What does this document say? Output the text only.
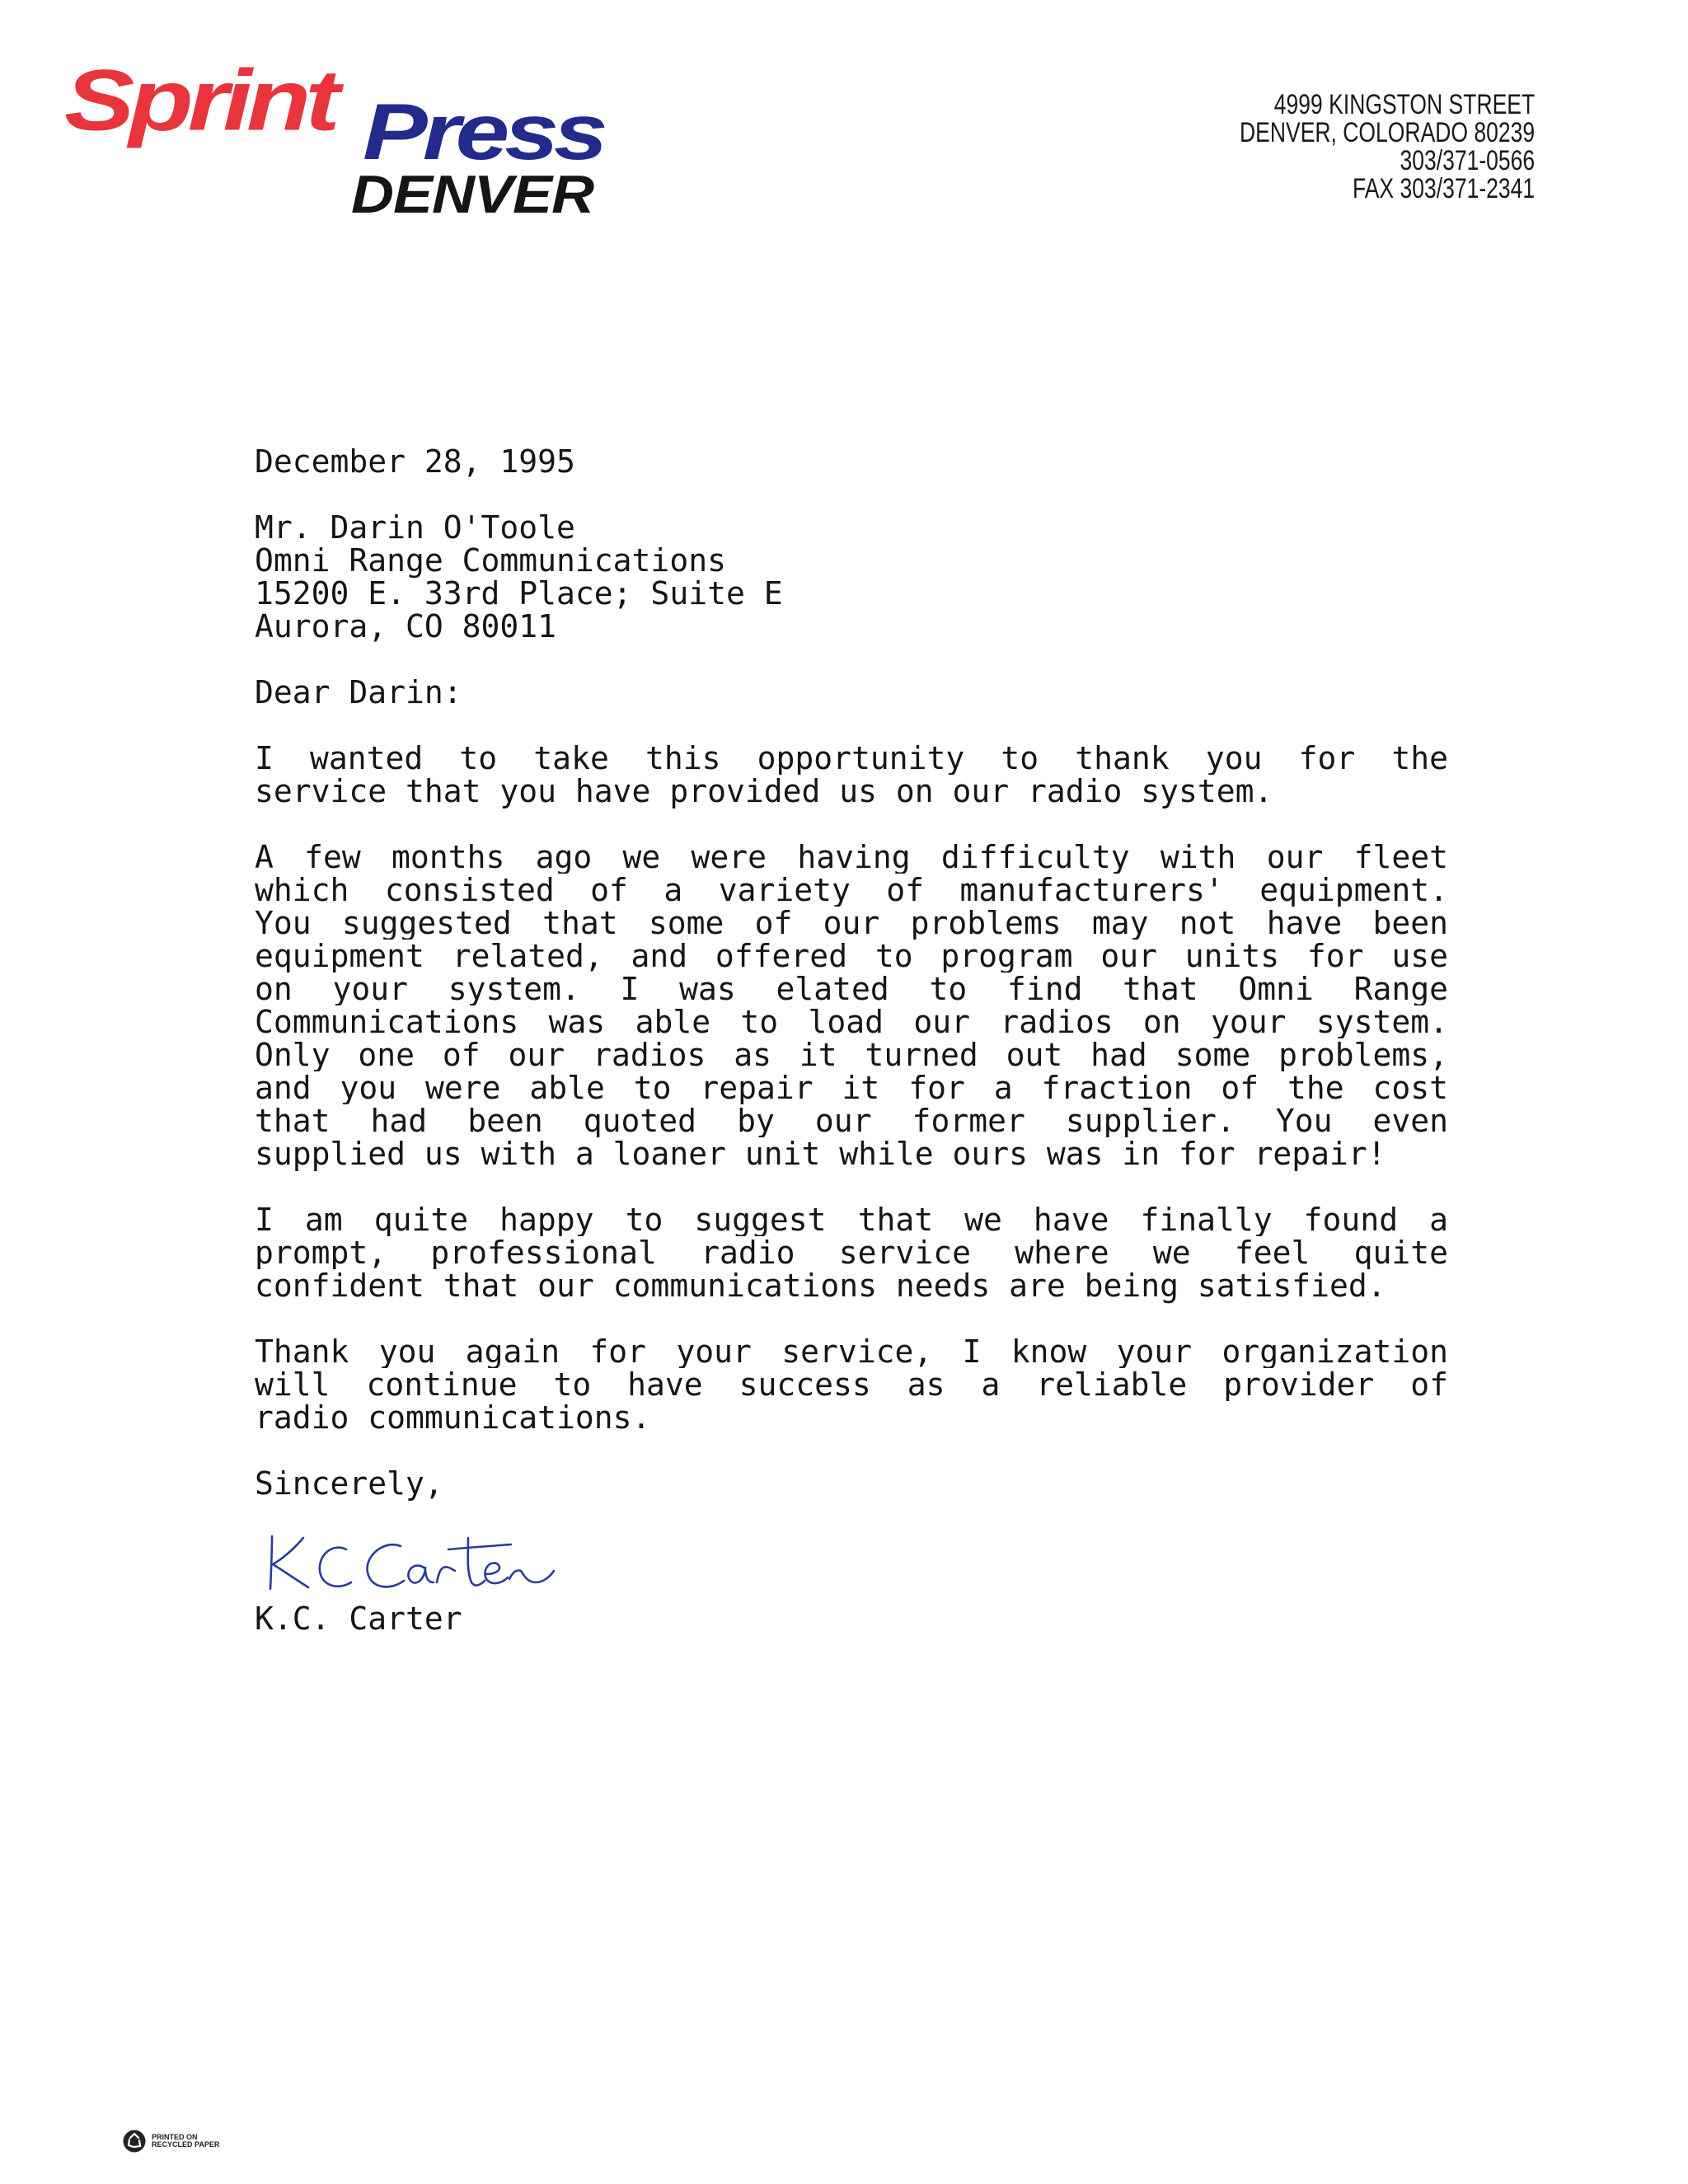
Sprint Press
DENVER
4999 KINGSTON STREET
DENVER, COLORADO 80239
303/371-0566
FAX 303/371-2341
December 28, 1995
Mr. Darin O'Toole
Omni Range Communications
15200 E. 33rd Place; Suite E
Aurora, CO 80011
Dear Darin:
I wanted to take this opportunity to thank you for the
service that you have provided us on our radio system.
A few months ago we were having difficulty with our fleet
which consisted of a variety of manufacturers' equipment.
You suggested that some of our problems may not have been
equipment related, and offered to program our units for use
on your system. I was elated to find that Omni Range
Communications was able to load our radios on your system.
Only one of our radios as it turned out had some problems,
and you were able to repair it for a fraction of the cost
that had been quoted by our former supplier. You even
supplied us with a loaner unit while ours was in for repair!
I am quite happy to suggest that we have finally found a
prompt, professional radio service where we feel quite
confident that our communications needs are being satisfied.
Thank you again for your service, I know your organization
will continue to have success as a reliable provider of
radio communications.
Sincerely,
KC Carter
K.C. Carter
PRINTED ON
RECYCLED PAPER
